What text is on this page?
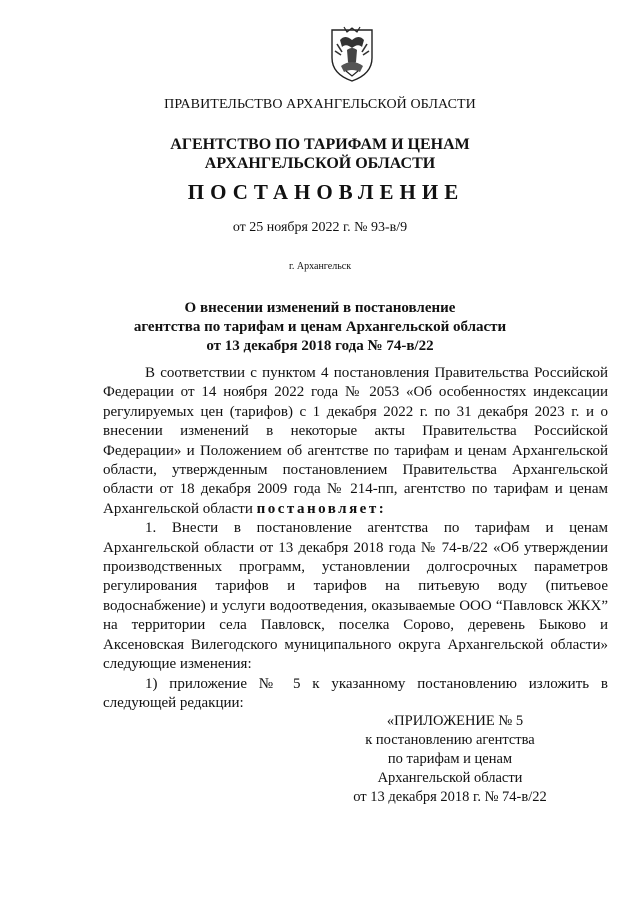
ПРАВИТЕЛЬСТВО АРХАНГЕЛЬСКОЙ ОБЛАСТИ
АГЕНТСТВО ПО ТАРИФАМ И ЦЕНАМ
АРХАНГЕЛЬСКОЙ ОБЛАСТИ
ПОСТАНОВЛЕНИЕ
от 25 ноября 2022 г. № 93-в/9
г. Архангельск
О внесении изменений в постановление
агентства по тарифам и ценам Архангельской области
от 13 декабря 2018 года № 74-в/22

В соответствии с пунктом 4 постановления Правительства Российской Федерации от 14 ноября 2022 года № 2053 «Об особенностях индексации регулируемых цен (тарифов) с 1 декабря 2022 г. по 31 декабря 2023 г. и о внесении изменений в некоторые акты Правительства Российской Федерации» и Положением об агентстве по тарифам и ценам Архангельской области, утвержденным постановлением Правительства Архангельской области от 18 декабря 2009 года № 214-пп, агентство по тарифам и ценам Архангельской области постановляет:

1. Внести в постановление агентства по тарифам и ценам Архангельской области от 13 декабря 2018 года № 74-в/22 «Об утверждении производственных программ, установлении долгосрочных параметров регулирования тарифов и тарифов на питьевую воду (питьевое водоснабжение) и услуги водоотведения, оказываемые ООО “Павловск ЖКХ” на территории села Павловск, поселка Сорово, деревень Быково и Аксеновская Вилегодского муниципального округа Архангельской области» следующие изменения:

1) приложение № 5 к указанному постановлению изложить в следующей редакции:

«ПРИЛОЖЕНИЕ № 5
к постановлению агентства
по тарифам и ценам
Архангельской области
от 13 декабря 2018 г. № 74-в/22
